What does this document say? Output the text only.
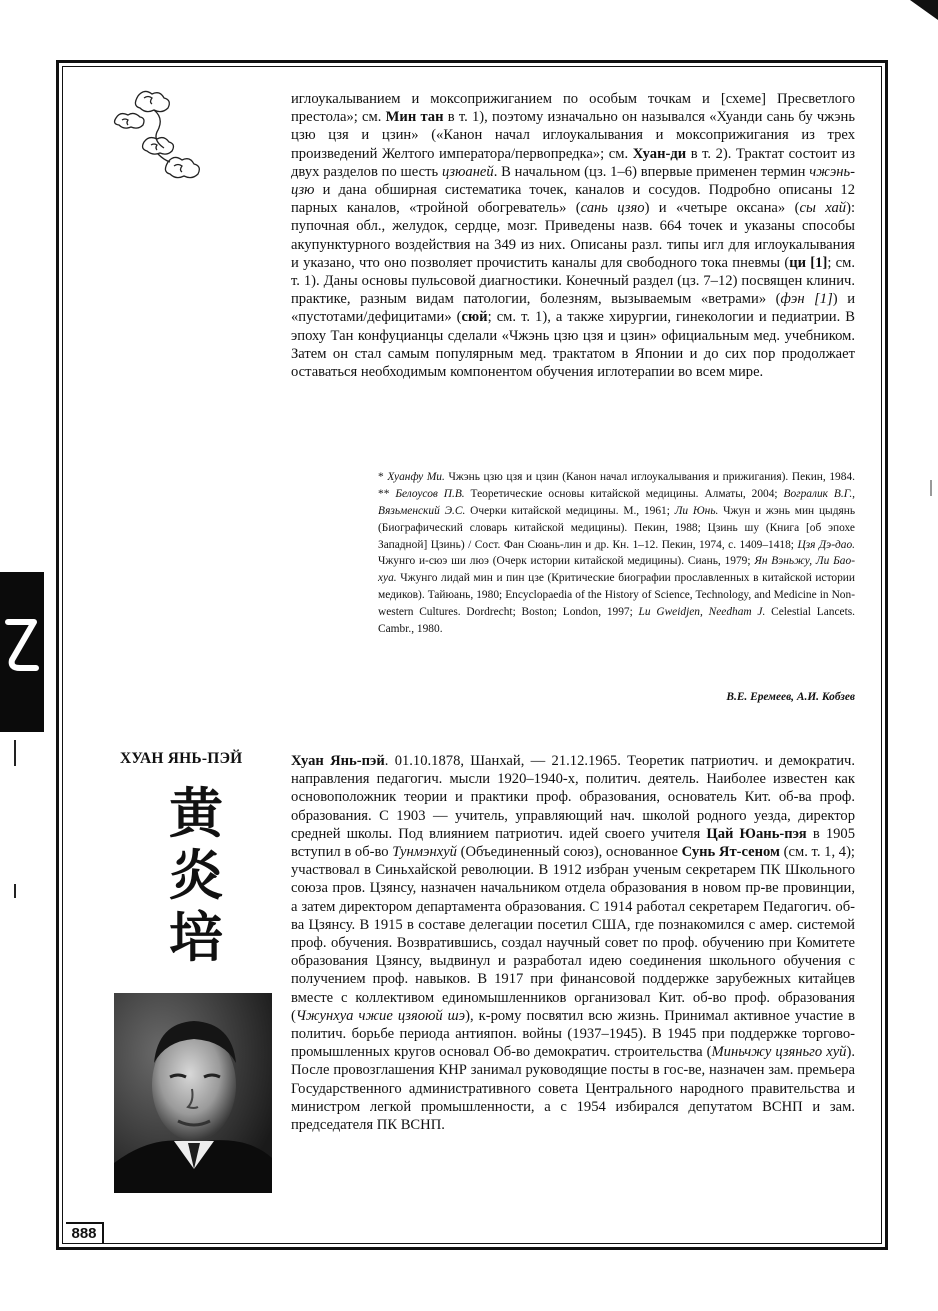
иглоукалыванием и моксоприжиганием по особым точкам и [схеме] Пресветлого престола»; см. Мин тан в т. 1), поэтому изначально он назывался «Хуанди сань бу чжэнь цзю цзя и цзин» («Канон начал иглоукалывания и моксоприжигания из трех произведений Желтого императора/первопредка»; см. Хуан-ди в т. 2). Трактат состоит из двух разделов по шесть цзюаней. В начальном (цз. 1–6) впервые применен термин чжэнь-цзю и дана обширная систематика точек, каналов и сосудов. Подробно описаны 12 парных каналов, «тройной обогреватель» (сань цзяо) и «четыре оксана» (сы хай): пупочная обл., желудок, сердце, мозг. Приведены назв. 664 точек и указаны способы акупунктурного воздействия на 349 из них. Описаны разл. типы игл для иглоукалывания и указано, что оно позволяет прочистить каналы для свободного тока пневмы (ци [1]; см. т. 1). Даны основы пульсовой диагностики. Конечный раздел (цз. 7–12) посвящен клинич. практике, разным видам патологии, болезням, вызываемым «ветрами» (фэн [1]) и «пустотами/дефицитами» (сюй; см. т. 1), а также хирургии, гинекологии и педиатрии. В эпоху Тан конфуцианцы сделали «Чжэнь цзю цзя и цзин» официальным мед. учебником. Затем он стал самым популярным мед. трактатом в Японии и до сих пор продолжает оставаться необходимым компонентом обучения иглотерапии во всем мире.

* Хуанфу Ми. Чжэнь цзю цзя и цзин (Канон начал иглоукалывания и прижигания). Пекин, 1984. ** Белоусов П.В. Теоретические основы китайской медицины. Алматы, 2004; Вогралик В.Г., Вязьменский Э.С. Очерки китайской медицины. М., 1961; Ли Юнь. Чжун и жэнь мин цыдянь (Биографический словарь китайской медицины). Пекин, 1988; Цзинь шу (Книга [об эпохе Западной] Цзинь) / Сост. Фан Сюань-лин и др. Кн. 1–12. Пекин, 1974, с. 1409–1418; Цзя Дэ-дао. Чжунго и-сюэ ши люэ (Очерк истории китайской медицины). Сиань, 1979; Ян Вэньжу, Ли Бао-хуа. Чжунго лидай мин и пин цзе (Критические биографии прославленных в китайской истории медиков). Тайюань, 1980; Encyclopaedia of the History of Science, Technology, and Medicine in Non-western Cultures. Dordrecht; Boston; London, 1997; Lu Gweidjen, Needham J. Celestial Lancets. Cambr., 1980.

В.Е. Еремеев, А.И. Кобзев
ХУАН ЯНЬ-ПЭЙ
黄
炎
培

Хуан Янь-пэй. 01.10.1878, Шанхай, — 21.12.1965. Теоретик патриотич. и демократич. направления педагогич. мысли 1920–1940-х, политич. деятель. Наиболее известен как основоположник теории и практики проф. образования, основатель Кит. об-ва проф. образования. С 1903 — учитель, управляющий нач. школой родного уезда, директор средней школы. Под влиянием патриотич. идей своего учителя Цай Юань-пэя в 1905 вступил в об-во Тунмэнхуй (Объединенный союз), основанное Сунь Ят-сеном (см. т. 1, 4); участвовал в Синьхайской революции. В 1912 избран ученым секретарем ПК Школьного союза пров. Цзянсу, назначен начальником отдела образования в новом пр-ве провинции, а затем директором департамента образования. С 1914 работал секретарем Педагогич. об-ва Цзянсу. В 1915 в составе делегации посетил США, где познакомился с амер. системой проф. обучения. Возвратившись, создал научный совет по проф. обучению при Комитете образования Цзянсу, выдвинул и разработал идею соединения школьного обучения с получением проф. навыков. В 1917 при финансовой поддержке зарубежных китайцев вместе с коллективом единомышленников организовал Кит. об-во проф. образования (Чжунхуа чжие цзяоюй шэ), к-рому посвятил всю жизнь. Принимал активное участие в политич. борьбе периода антияпон. войны (1937–1945). В 1945 при поддержке торгово-промышленных кругов основал Об-во демократич. строительства (Миньчжу цзяньго хуй). После провозглашения КНР занимал руководящие посты в гос-ве, назначен зам. премьера Государственного административного совета Центрального народного правительства и министром легкой промышленности, а с 1954 избирался депутатом ВСНП и зам. председателя ПК ВСНП.

888
